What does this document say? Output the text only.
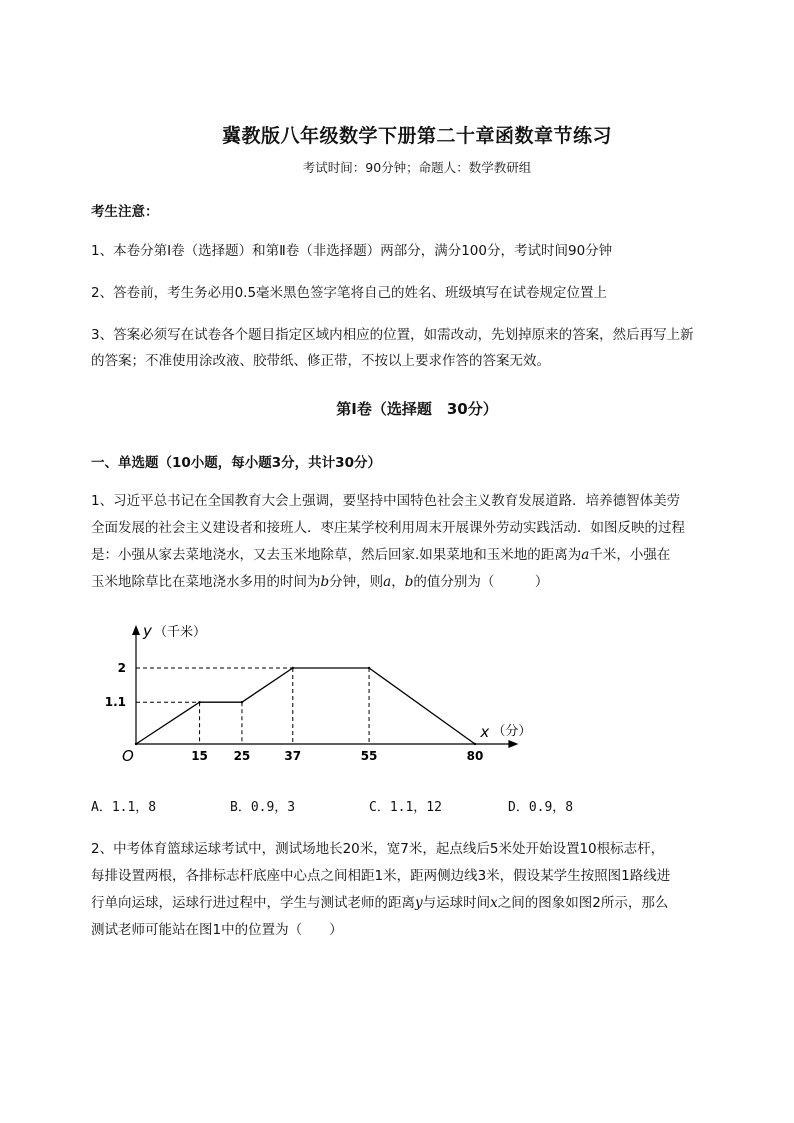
冀教版八年级数学下册第二十章函数章节练习
考试时间：90分钟；命题人：数学教研组
考生注意：
1、本卷分第I卷（选择题）和第Ⅱ卷（非选择题）两部分，满分100分，考试时间90分钟
2、答卷前，考生务必用0.5毫米黑色签字笔将自己的姓名、班级填写在试卷规定位置上
3、答案必须写在试卷各个题目指定区域内相应的位置，如需改动，先划掉原来的答案，然后再写上新
的答案；不准使用涂改液、胶带纸、修正带，不按以上要求作答的答案无效。
第I卷（选择题　30分）
一、单选题（10小题，每小题3分，共计30分）
1、习近平总书记在全国教育大会上强调，要坚持中国特色社会主义教育发展道路．培养德智体美劳
全面发展的社会主义建设者和接班人．枣庄某学校利用周末开展课外劳动实践活动．如图反映的过程
是：小强从家去菜地浇水，又去玉米地除草，然后回家.如果菜地和玉米地的距离为a千米，小强在
玉米地除草比在菜地浇水多用的时间为b分钟，则a，b的值分别为（　　　）
15 25	37	55	80
1.1
2
O
y （千米）
x （分）
A．1.1，8	B．0.9，3	C．1.1，12	D．0.9，8
2、中考体育篮球运球考试中，测试场地长20米，宽7米，起点线后5米处开始设置10根标志杆，
每排设置两根，各排标志杆底座中心点之间相距1米，距两侧边线3米，假设某学生按照图1路线进
行单向运球，运球行进过程中，学生与测试老师的距离y与运球时间x之间的图象如图2所示，那么
测试老师可能站在图1中的位置为（　　）
